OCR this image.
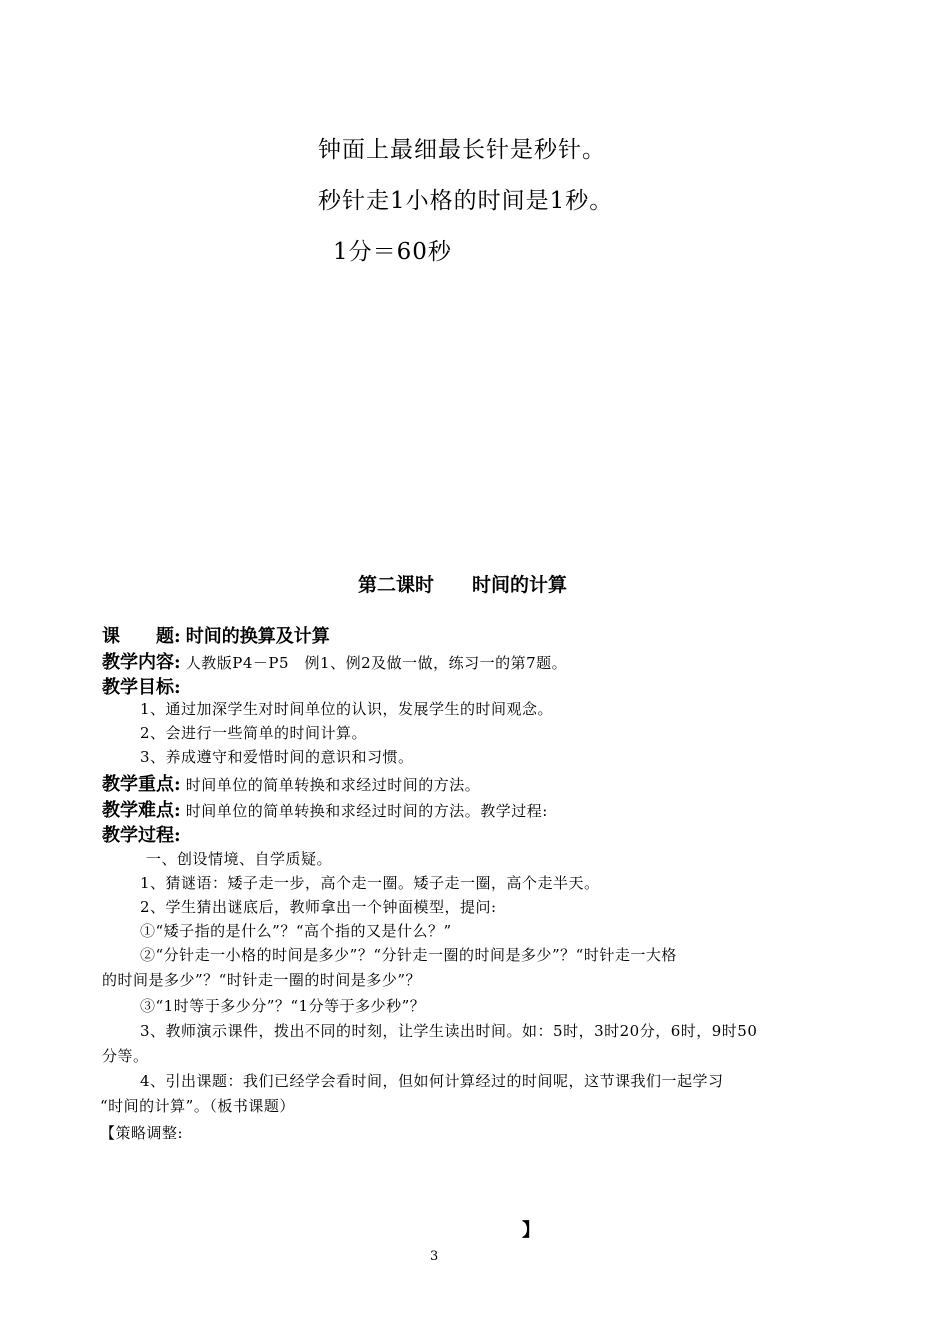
钟面上最细最长针是秒针。
秒针走1小格的时间是1秒。
1分＝60秒
第二课时　　时间的计算
课　　题: 时间的换算及计算
教学内容: 人教版P4－P5　例1、例2及做一做，练习一的第7题。
教学目标:
1、通过加深学生对时间单位的认识，发展学生的时间观念。
2、会进行一些简单的时间计算。
3、养成遵守和爱惜时间的意识和习惯。
教学重点: 时间单位的简单转换和求经过时间的方法。
教学难点: 时间单位的简单转换和求经过时间的方法。教学过程:
教学过程:
一、创设情境、自学质疑。
1、猜谜语：矮子走一步，高个走一圈。矮子走一圈，高个走半天。
2、学生猜出谜底后，教师拿出一个钟面模型，提问:
①“矮子指的是什么”？“高个指的又是什么？”
②“分针走一小格的时间是多少”？“分针走一圈的时间是多少”？“时针走一大格
的时间是多少”？“时针走一圈的时间是多少”？
③“1时等于多少分”？“1分等于多少秒”？
3、教师演示课件，拨出不同的时刻，让学生读出时间。如：5时，3时20分，6时，9时50
分等。
4、引出课题：我们已经学会看时间，但如何计算经过的时间呢，这节课我们一起学习
“时间的计算”。（板书课题）
【策略调整:
】
3
